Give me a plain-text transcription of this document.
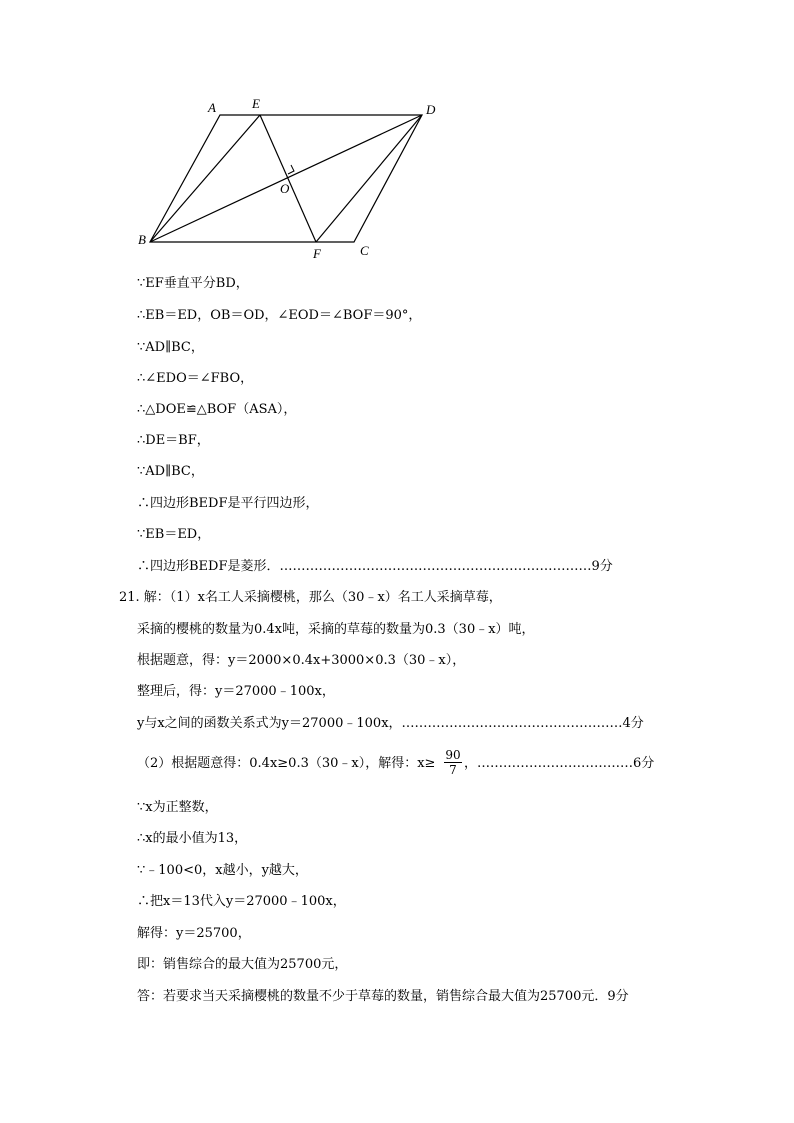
A	E	D
O
B
F	C
∵EF垂直平分BD，
∴EB＝ED，OB＝OD，∠EOD＝∠BOF＝90°，
∵AD∥BC，
∴∠EDO＝∠FBO，
∴△DOE≌△BOF（ASA），
∴DE＝BF，
∵AD∥BC，
∴四边形BEDF是平行四边形，
∵EB＝ED，
∴四边形BEDF是菱形．………………………………………………………………9分
21. 解：（1）x名工人采摘樱桃，那么（30﹣x）名工人采摘草莓，
采摘的樱桃的数量为0.4x吨，采摘的草莓的数量为0.3（30﹣x）吨，
根据题意，得：y＝2000×0.4x+3000×0.3（30﹣x），
整理后，得：y＝27000﹣100x，
y与x之间的函数关系式为y＝27000﹣100x，……………………………………………4分
（2）根据题意得：0.4x≥0.3（30﹣x），解得：$x\ge \frac{90}{7}$ ，………………………………6分
∵x为正整数，
∴x的最小值为13，
∵﹣100<0，x越小，y越大，
∴把x＝13代入y＝27000﹣100x，
解得：y＝25700，
即：销售综合的最大值为25700元，
答：若要求当天采摘樱桃的数量不少于草莓的数量，销售综合最大值为25700元．9分
